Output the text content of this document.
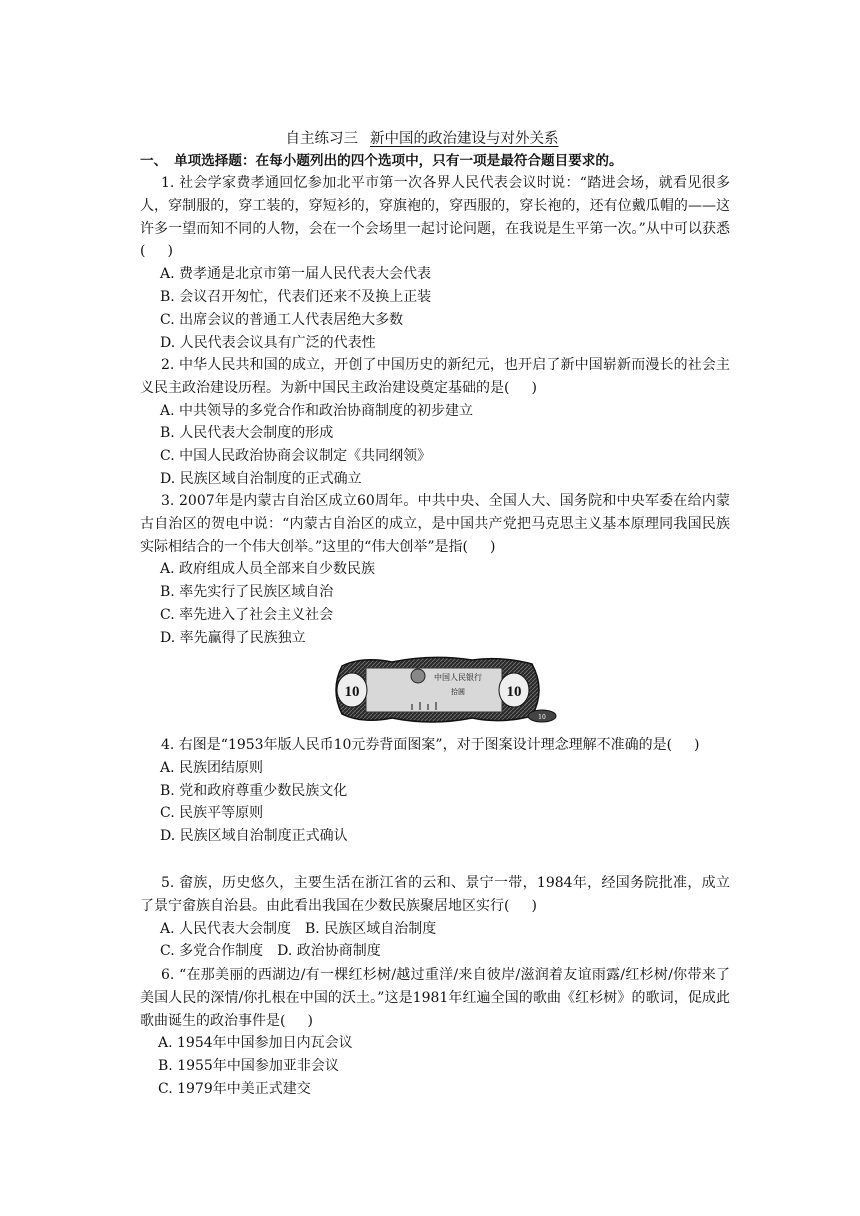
自主练习三 新中国的政治建设与对外关系
一、　单项选择题：在每小题列出的四个选项中，只有一项是最符合题目要求的。

1. 社会学家费孝通回忆参加北平市第一次各界人民代表会议时说：“踏进会场，就看见很多人，穿制服的，穿工装的，穿短衫的，穿旗袍的，穿西服的，穿长袍的，还有位戴瓜帽的——这许多一望而知不同的人物，会在一个会场里一起讨论问题，在我说是生平第一次。”从中可以获悉( )

A. 费孝通是北京市第一届人民代表大会代表

B. 会议召开匆忙，代表们还来不及换上正装

C. 出席会议的普通工人代表居绝大多数

D. 人民代表会议具有广泛的代表性

2. 中华人民共和国的成立，开创了中国历史的新纪元，也开启了新中国崭新而漫长的社会主义民主政治建设历程。为新中国民主政治建设奠定基础的是( )

A. 中共领导的多党合作和政治协商制度的初步建立

B. 人民代表大会制度的形成

C. 中国人民政治协商会议制定《共同纲领》

D. 民族区域自治制度的正式确立

3. 2007年是内蒙古自治区成立60周年。中共中央、全国人大、国务院和中央军委在给内蒙古自治区的贺电中说：“内蒙古自治区的成立，是中国共产党把马克思主义基本原理同我国民族实际相结合的一个伟大创举。”这里的“伟大创举”是指( )

A. 政府组成人员全部来自少数民族

B. 率先实行了民族区域自治

C. 率先进入了社会主义社会

D. 率先赢得了民族独立

10	10
中国人民银行
拾圆
10

4. 右图是“1953年版人民币10元券背面图案”，对于图案设计理念理解不准确的是( )

A. 民族团结原则

B. 党和政府尊重少数民族文化

C. 民族平等原则

D. 民族区域自治制度正式确认

5. 畲族，历史悠久，主要生活在浙江省的云和、景宁一带，1984年，经国务院批准，成立了景宁畲族自治县。由此看出我国在少数民族聚居地区实行( )

A. 人民代表大会制度　B. 民族区域自治制度

C. 多党合作制度　D. 政治协商制度

6. “在那美丽的西湖边/有一棵红杉树/越过重洋/来自彼岸/滋润着友谊雨露/红杉树/你带来了美国人民的深情/你扎根在中国的沃土。”这是1981年红遍全国的歌曲《红杉树》的歌词，促成此歌曲诞生的政治事件是( )

A. 1954年中国参加日内瓦会议

B. 1955年中国参加亚非会议

C. 1979年中美正式建交
